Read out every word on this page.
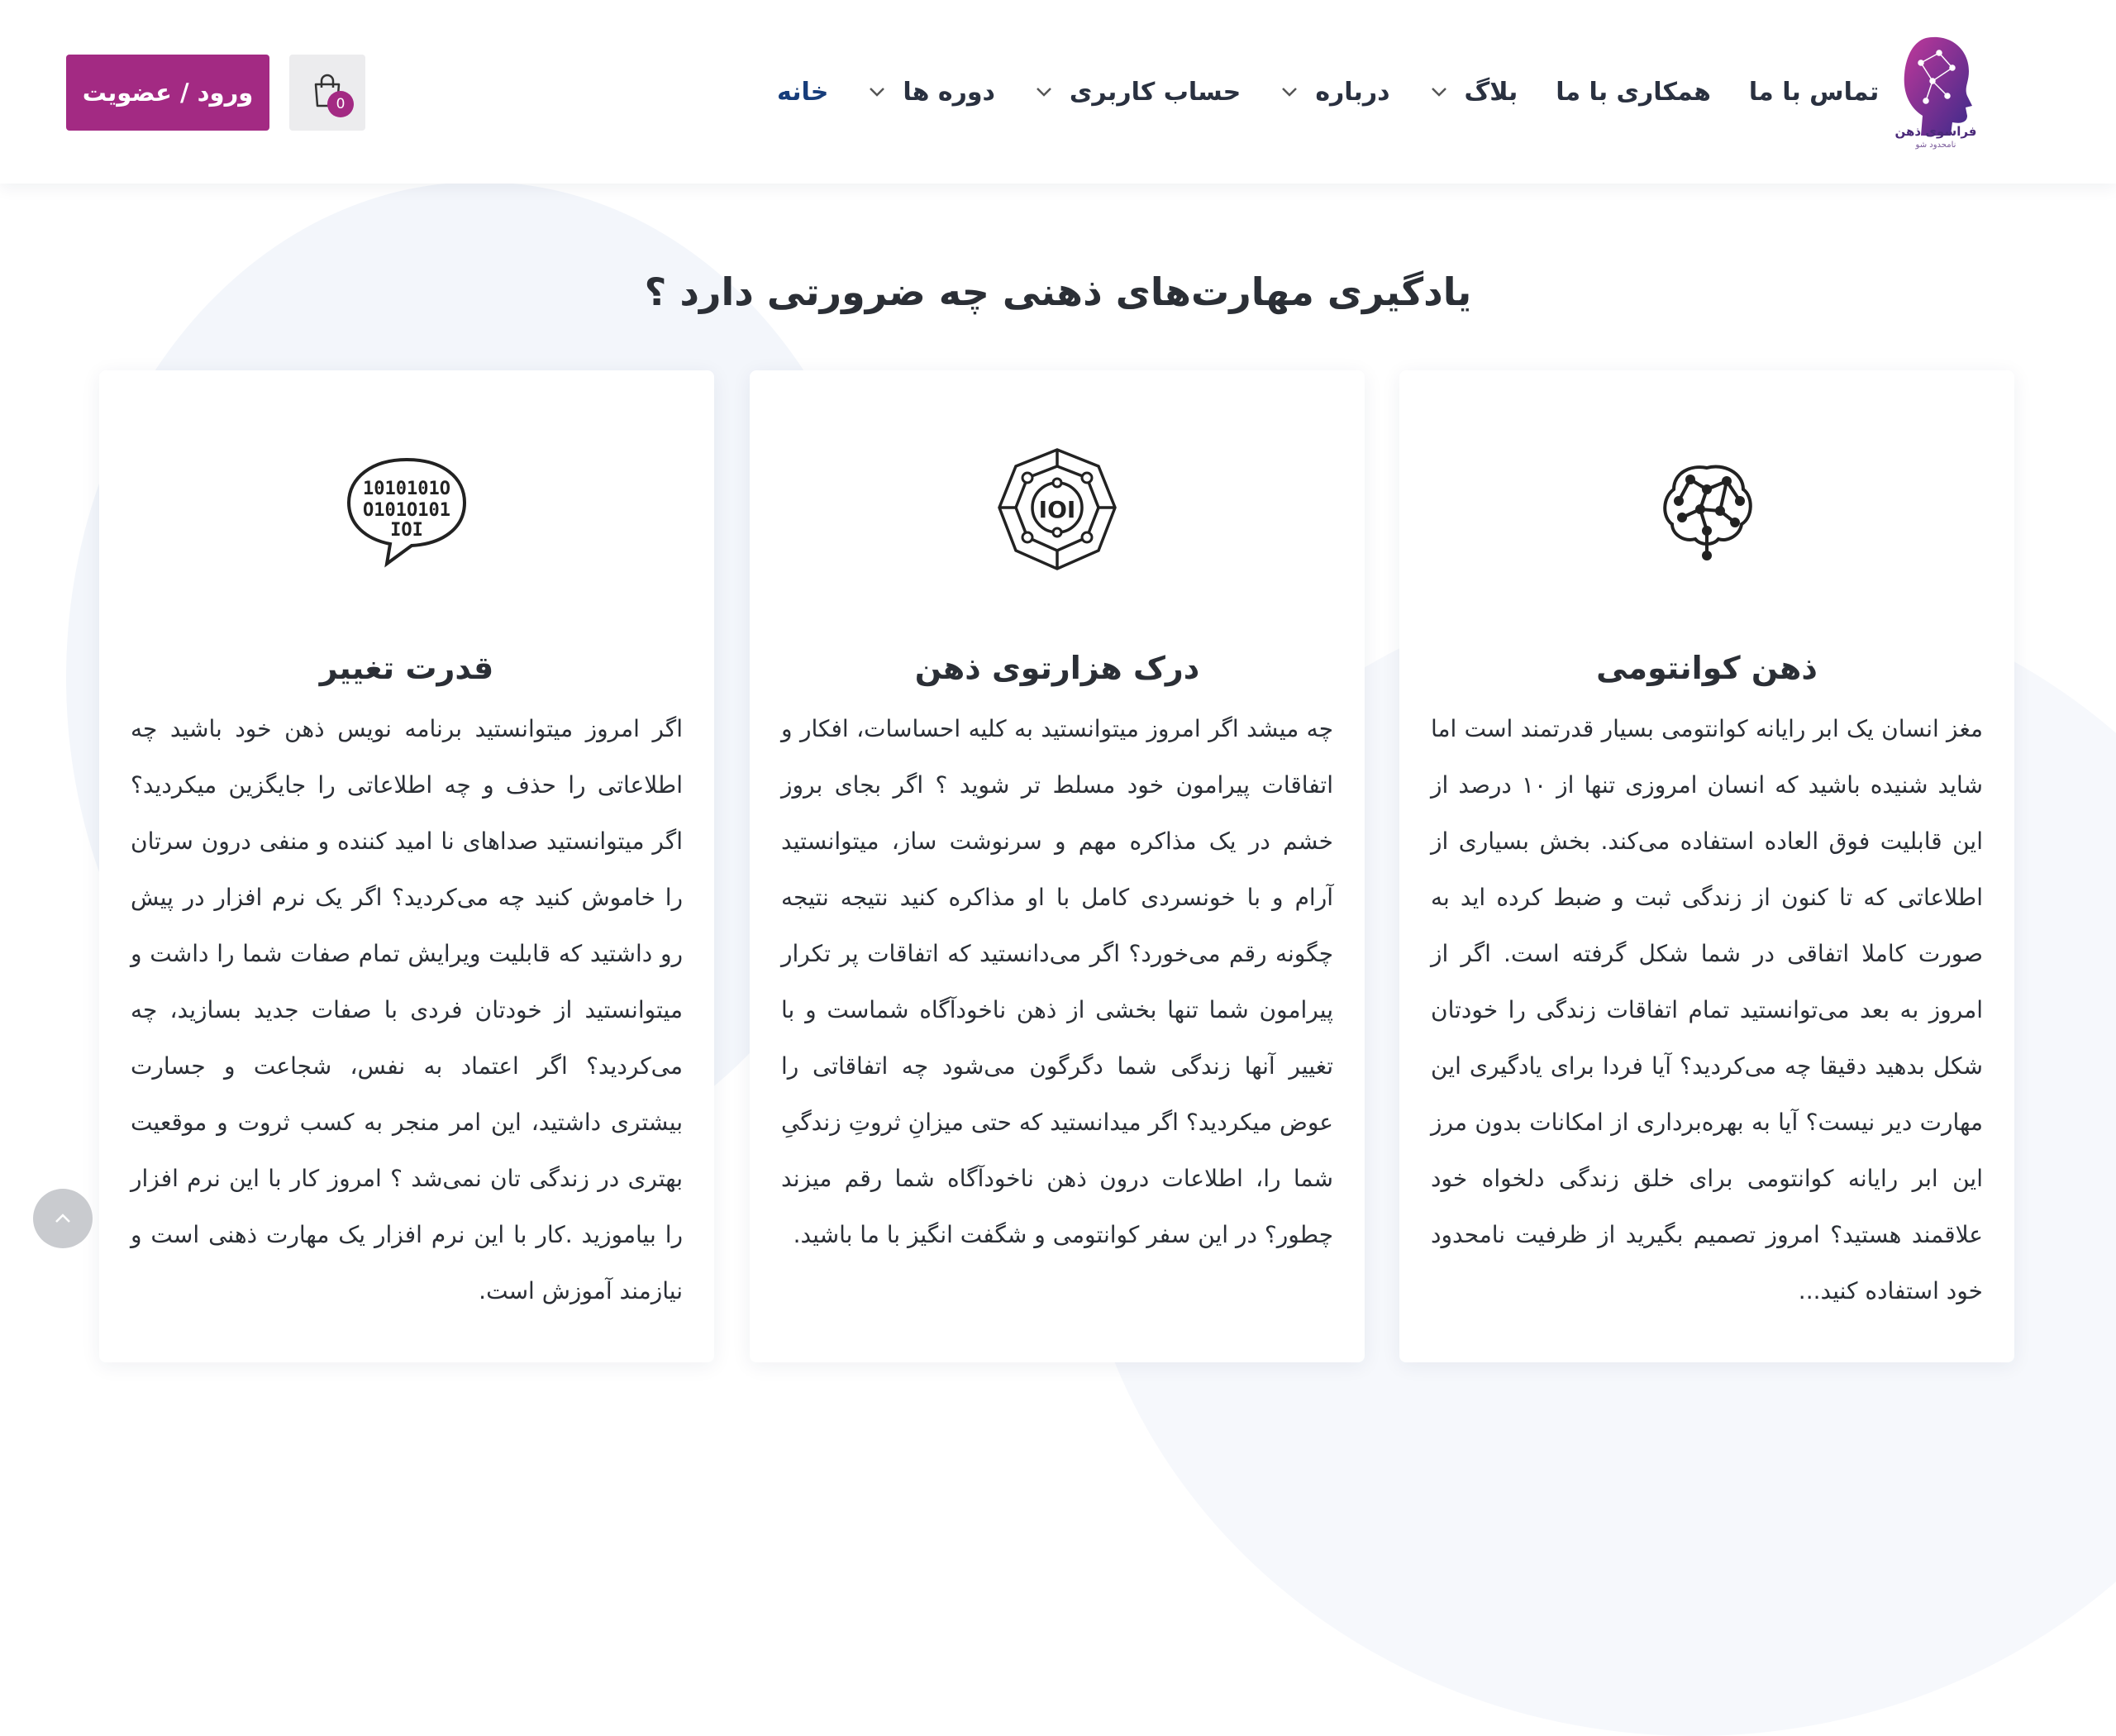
ورود / عضویت	0	خانه	دوره ها	حساب کاربری	درباره	بلاگ همکاری با ما تماس با ما
فراسوی ذهن
نامحدود شو
یادگیری مهارت‌های ذهنی چه ضرورتی دارد ؟
ذهن کوانتومی

مغز انسان یک ابر رایانه کوانتومی بسیار قدرتمند است اما شاید شنیده باشید که انسان امروزی تنها از ۱۰ درصد از این قابلیت فوق العاده استفاده می‌کند. بخش بسیاری از اطلاعاتی که تا کنون از زندگی ثبت و ضبط کرده اید به صورت کاملا اتفاقی در شما شکل گرفته است. اگر از امروز به بعد می‌توانستید تمام اتفاقات زندگی را خودتان شکل بدهید دقیقا چه می‌کردید؟ آیا فردا برای یادگیری این مهارت دیر نیست؟ آیا به بهره‌برداری از امکانات بدون مرز این ابر رایانه کوانتومی برای خلق زندگی دلخواه خود علاقمند هستید؟ امروز تصمیم بگیرید از ظرفیت نامحدود خود استفاده کنید...

IOI
درک هزارتوی ذهن

چه میشد اگر امروز میتوانستید به کلیه احساسات، افکار و اتفاقات پیرامون خود مسلط تر شوید ؟ اگر بجای بروز خشم در یک مذاکره مهم و سرنوشت ساز، میتوانستید آرام و با خونسردی کامل با او مذاکره کنید نتیجه نتیجه چگونه رقم می‌خورد؟ اگر می‌دانستید که اتفاقات پر تکرار پیرامون شما تنها بخشی از ذهن ناخودآگاه شماست و با تغییر آنها زندگی شما دگرگون می‌شود چه اتفاقاتی را عوض میکردید؟ اگر میدانستید که حتی میزانِ ثروتِ زندگیِ شما را، اطلاعات درون ذهن ناخودآگاه شما رقم میزند چطور؟ در این سفر کوانتومی و شگفت انگیز با ما باشید.

1010101O
O101O101
IOI
قدرت تغییر

اگر امروز میتوانستید برنامه نویس ذهن خود باشید چه اطلاعاتی را حذف و چه اطلاعاتی را جایگزین میکردید؟ اگر میتوانستید صداهای نا امید کننده و منفی درون سرتان را خاموش کنید چه می‌کردید؟ اگر یک نرم افزار در پیش رو داشتید که قابلیت ویرایش تمام صفات شما را داشت و میتوانستید از خودتان فردی با صفات جدید بسازید، چه می‌کردید؟ اگر اعتماد به نفس، شجاعت و جسارت بیشتری داشتید، این امر منجر به کسب ثروت و موقعیت بهتری در زندگی تان نمی‌شد ؟ امروز کار با این نرم افزار را بیاموزید .کار با این نرم افزار یک مهارت ذهنی است و نیازمند آموزش است.
